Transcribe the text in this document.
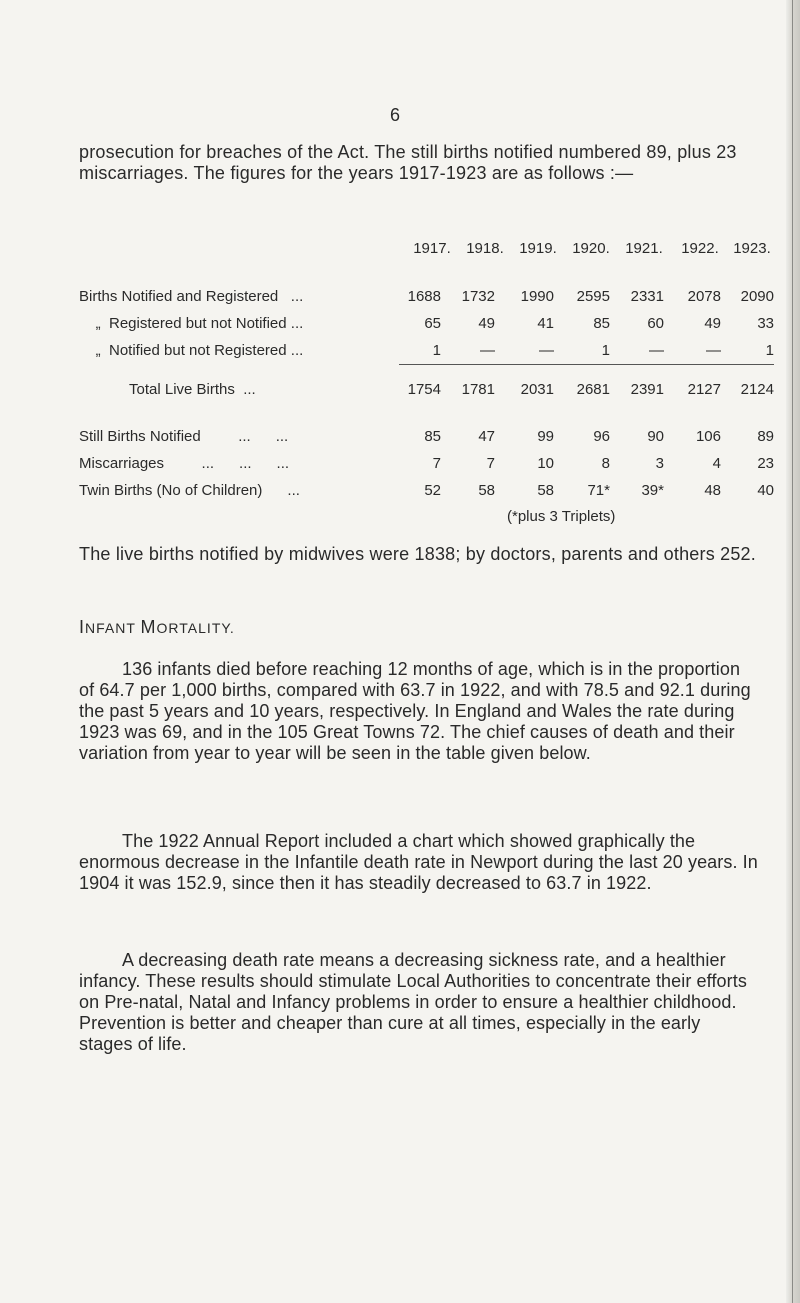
6
prosecution for breaches of the Act. The still births notified numbered 89, plus 23 miscarriages. The figures for the years 1917-1923 are as follows :—
1917.	1918.	1919.	1920.	1921.	1922. 1923.
Births Notified and Registered   ...	1688	1732	1990	2595	2331	2078	2090
„  Registered but not Notified ...	65	49	41	85	60	49	33
„  Notified but not Registered ...	1	—	—	1	—	—	1
Total Live Births  ...	1754	1781	2031	2681	2391	2127	2124
Still Births Notified         ...      ...	85	47	99	96	90	106	89
Miscarriages         ...      ...      ...	7	7	10	8	3	4	23
Twin Births (No of Children)      ...	52	58	58	71*	39*	48	40
(*plus 3 Triplets)
The live births notified by midwives were 1838; by doctors, parents and others 252.
INFANT MORTALITY.
136 infants died before reaching 12 months of age, which is in the proportion of 64.7 per 1,000 births, compared with 63.7 in 1922, and with 78.5 and 92.1 during the past 5 years and 10 years, respectively. In England and Wales the rate during 1923 was 69, and in the 105 Great Towns 72. The chief causes of death and their variation from year to year will be seen in the table given below.
The 1922 Annual Report included a chart which showed graphically the enormous decrease in the Infantile death rate in Newport during the last 20 years. In 1904 it was 152.9, since then it has steadily decreased to 63.7 in 1922.
A decreasing death rate means a decreasing sickness rate, and a healthier infancy. These results should stimulate Local Authorities to concentrate their efforts on Pre-natal, Natal and Infancy problems in order to ensure a healthier childhood. Prevention is better and cheaper than cure at all times, especially in the early stages of life.
